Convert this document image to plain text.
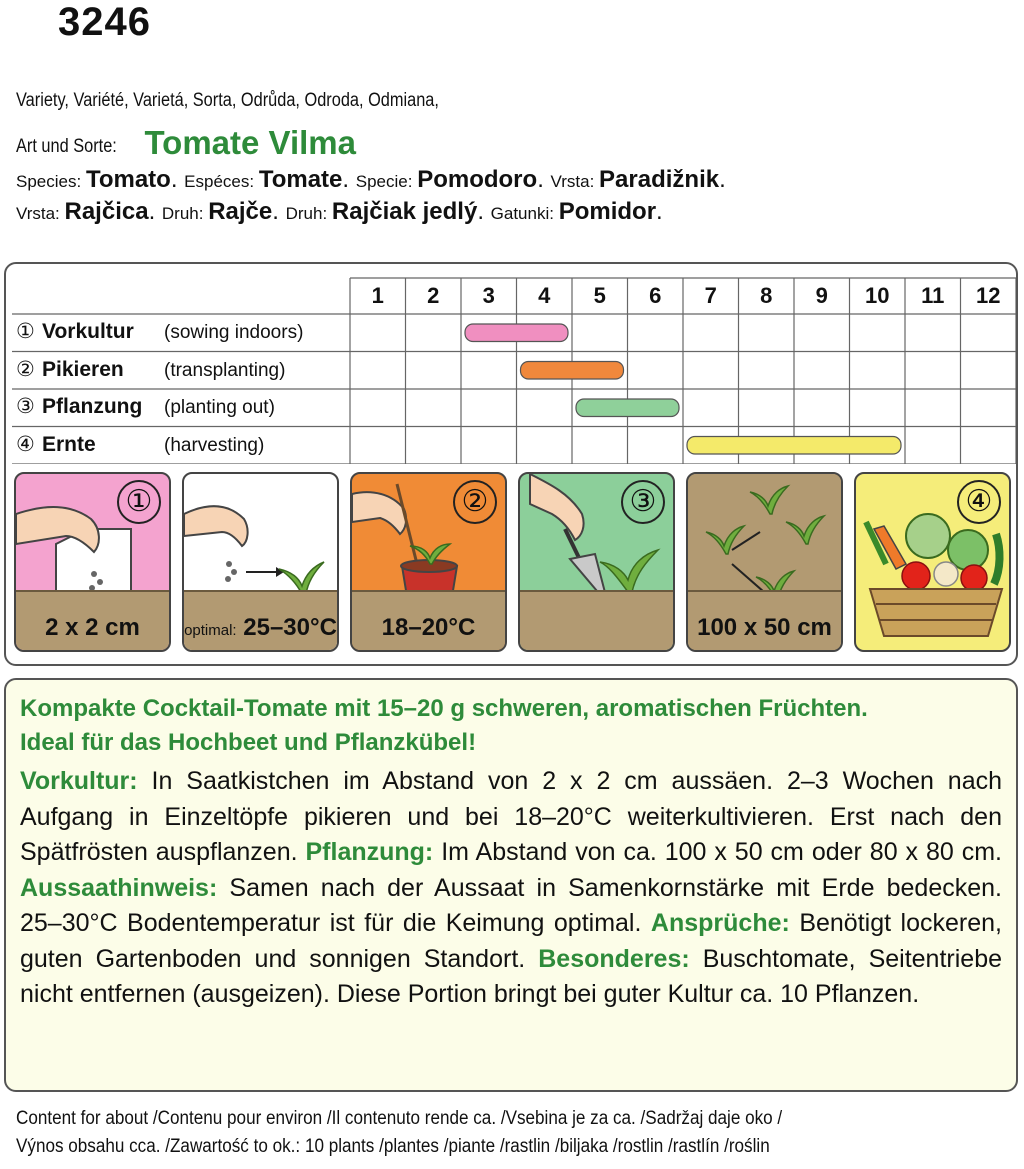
3246
Variety, Variété, Varietá, Sorta, Odrůda, Odroda, Odmiana,
Art und Sorte: Tomate Vilma
Species: Tomato. Espéces: Tomate. Specie: Pomodoro. Vrsta: Paradižnik.
Vrsta: Rajčica. Druh: Rajče. Druh: Rajčiak jedlý. Gatunki: Pomidor.
1	2	3	4	5	6	7	8	9	10	11	12
① Vorkultur (sowing indoors)
② Pikieren (transplanting)
③ Pflanzung (planting out)
④ Ernte	(harvesting)
①
2 x 2 cm	optimal: 25–30°C
②
18–20°C
③
100 x 50 cm
④
Kompakte Cocktail-Tomate mit 15–20 g schweren, aromatischen Früchten.
Ideal für das Hochbeet und Pflanzkübel!
Vorkultur: In Saatkistchen im Abstand von 2 x 2 cm aussäen. 2–3 Wochen nach Aufgang in Einzeltöpfe pikieren und bei 18–20°C weiterkultivieren. Erst nach den Spätfrösten auspflanzen. Pflanzung: Im Abstand von ca. 100 x 50 cm oder 80 x 80 cm. Aussaathinweis: Samen nach der Aussaat in Samenkornstärke mit Erde bedecken. 25–30°C Bodentemperatur ist für die Keimung optimal. Ansprüche: Benötigt lockeren, guten Gartenboden und sonnigen Standort. Besonderes: Buschtomate, Seitentriebe nicht entfernen (ausgeizen). Diese Portion bringt bei guter Kultur ca. 10 Pflanzen.
Content for about /Contenu pour environ /Il contenuto rende ca. /Vsebina je za ca. /Sadržaj daje oko /
Výnos obsahu cca. /Zawartość to ok.: 10 plants /plantes /piante /rastlin /biljaka /rostlin /rastlín /roślin
